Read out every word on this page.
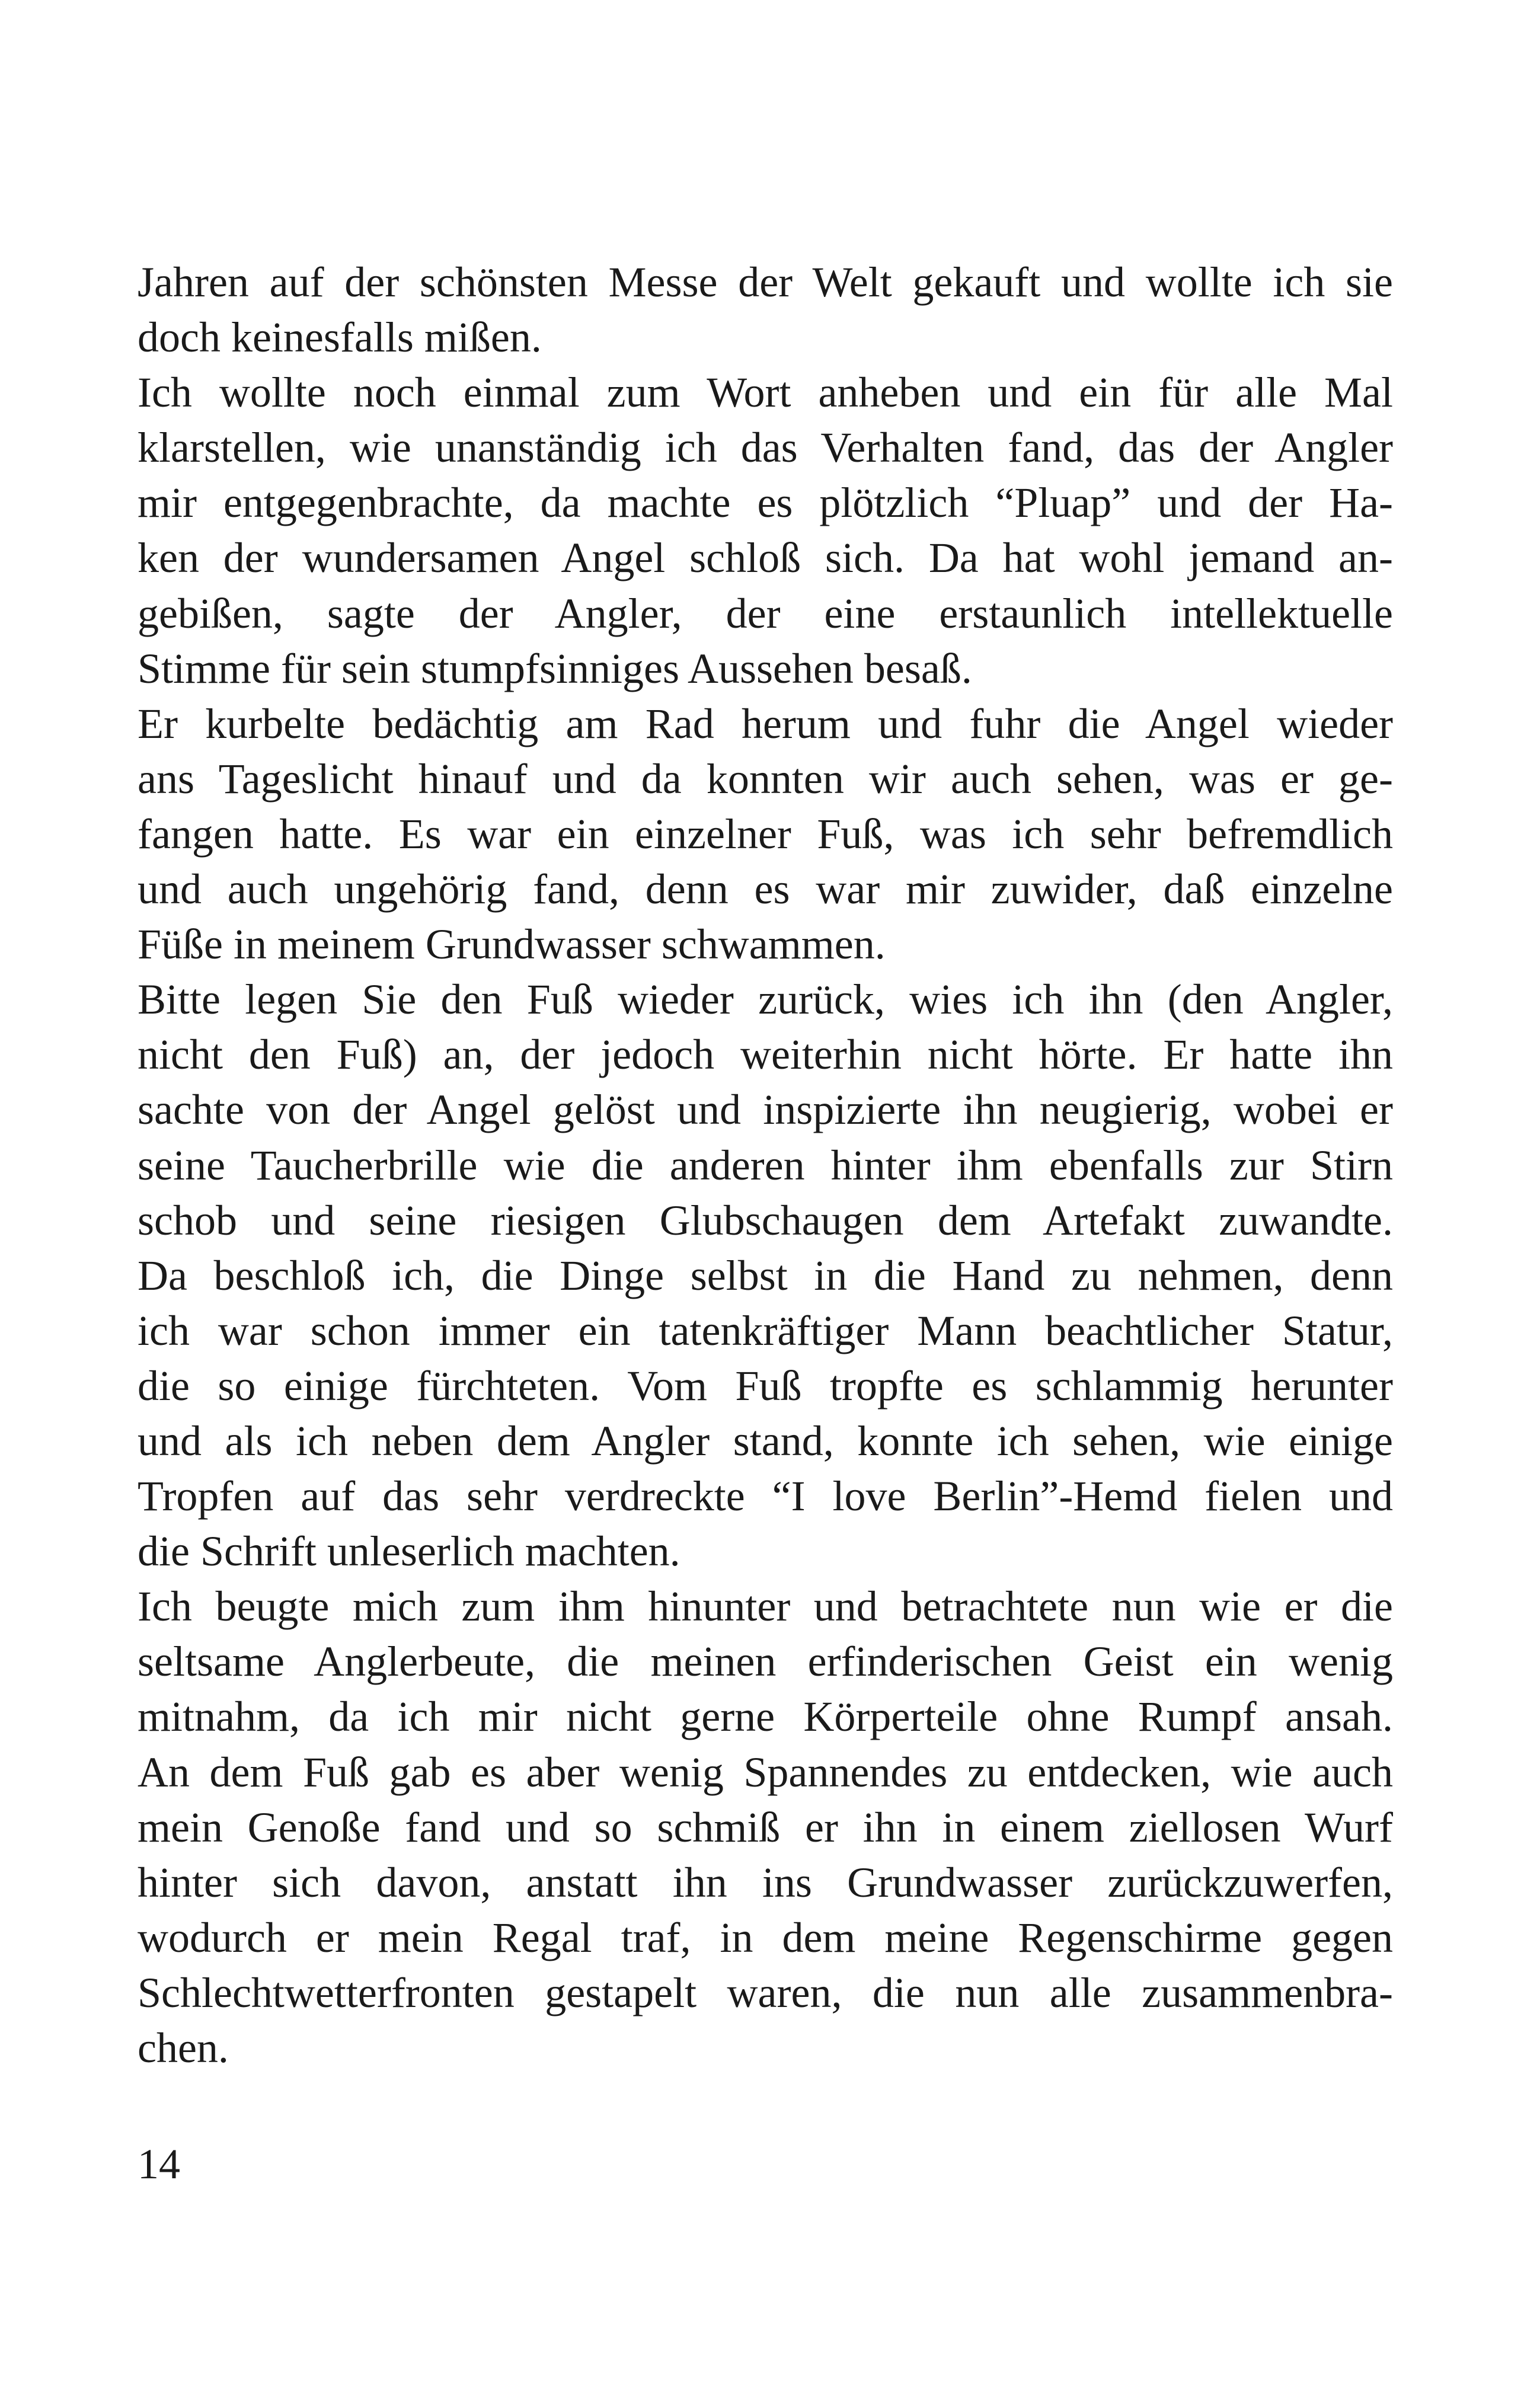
Jahren auf der schönsten Messe der Welt gekauft und wollte ich sie
doch keinesfalls mißen.
Ich wollte noch einmal zum Wort anheben und ein für alle Mal
klarstellen, wie unanständig ich das Verhalten fand, das der Angler
mir entgegenbrachte, da machte es plötzlich “Pluap” und der Ha-
ken der wundersamen Angel schloß sich. Da hat wohl jemand an-
gebißen, sagte der Angler, der eine erstaunlich intellektuelle
Stimme für sein stumpfsinniges Aussehen besaß.
Er kurbelte bedächtig am Rad herum und fuhr die Angel wieder
ans Tageslicht hinauf und da konnten wir auch sehen, was er ge-
fangen hatte. Es war ein einzelner Fuß, was ich sehr befremdlich
und auch ungehörig fand, denn es war mir zuwider, daß einzelne
Füße in meinem Grundwasser schwammen.
Bitte legen Sie den Fuß wieder zurück, wies ich ihn (den Angler,
nicht den Fuß) an, der jedoch weiterhin nicht hörte. Er hatte ihn
sachte von der Angel gelöst und inspizierte ihn neugierig, wobei er
seine Taucherbrille wie die anderen hinter ihm ebenfalls zur Stirn
schob und seine riesigen Glubschaugen dem Artefakt zuwandte.
Da beschloß ich, die Dinge selbst in die Hand zu nehmen, denn
ich war schon immer ein tatenkräftiger Mann beachtlicher Statur,
die so einige fürchteten. Vom Fuß tropfte es schlammig herunter
und als ich neben dem Angler stand, konnte ich sehen, wie einige
Tropfen auf das sehr verdreckte “I love Berlin”-Hemd fielen und
die Schrift unleserlich machten.
Ich beugte mich zum ihm hinunter und betrachtete nun wie er die
seltsame Anglerbeute, die meinen erfinderischen Geist ein wenig
mitnahm, da ich mir nicht gerne Körperteile ohne Rumpf ansah.
An dem Fuß gab es aber wenig Spannendes zu entdecken, wie auch
mein Genoße fand und so schmiß er ihn in einem ziellosen Wurf
hinter sich davon, anstatt ihn ins Grundwasser zurückzuwerfen,
wodurch er mein Regal traf, in dem meine Regenschirme gegen
Schlechtwetterfronten gestapelt waren, die nun alle zusammenbra-
chen.
14
